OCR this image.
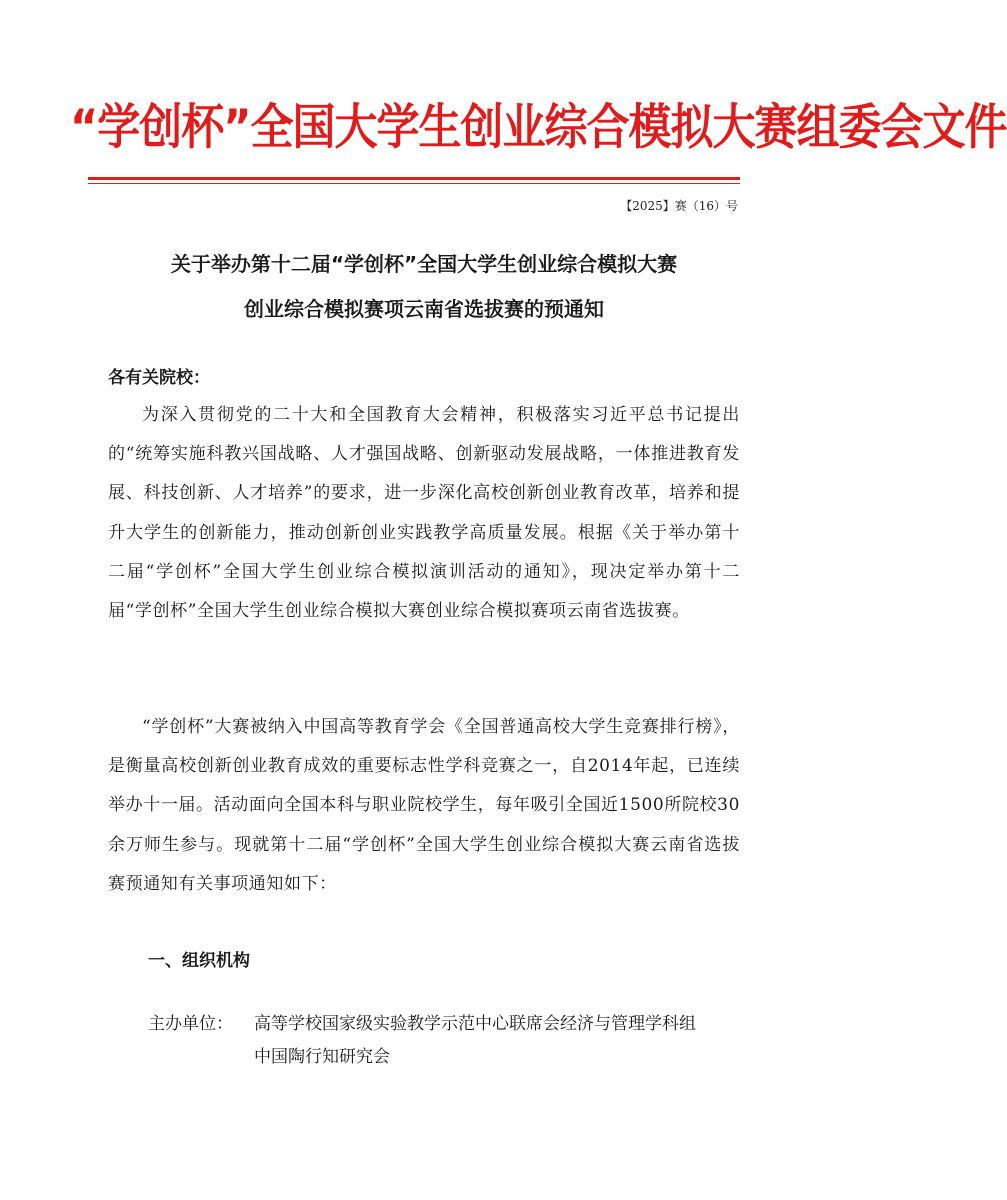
“学创杯”全国大学生创业综合模拟大赛组委会文件
【2025】赛（16）号
关于举办第十二届“学创杯”全国大学生创业综合模拟大赛
创业综合模拟赛项云南省选拔赛的预通知
各有关院校：

为深入贯彻党的二十大和全国教育大会精神，积极落实习近平总书记提出的“统筹实施科教兴国战略、人才强国战略、创新驱动发展战略，一体推进教育发展、科技创新、人才培养”的要求，进一步深化高校创新创业教育改革，培养和提升大学生的创新能力，推动创新创业实践教学高质量发展。根据《关于举办第十二届“学创杯”全国大学生创业综合模拟演训活动的通知》，现决定举办第十二届“学创杯”全国大学生创业综合模拟大赛创业综合模拟赛项云南省选拔赛。

“学创杯”大赛被纳入中国高等教育学会《全国普通高校大学生竞赛排行榜》，是衡量高校创新创业教育成效的重要标志性学科竞赛之一，自2014年起，已连续举办十一届。活动面向全国本科与职业院校学生，每年吸引全国近1500所院校30余万师生参与。现就第十二届“学创杯”全国大学生创业综合模拟大赛云南省选拔赛预通知有关事项通知如下：

一、组织机构
主办单位： 高等学校国家级实验教学示范中心联席会经济与管理学科组
中国陶行知研究会
